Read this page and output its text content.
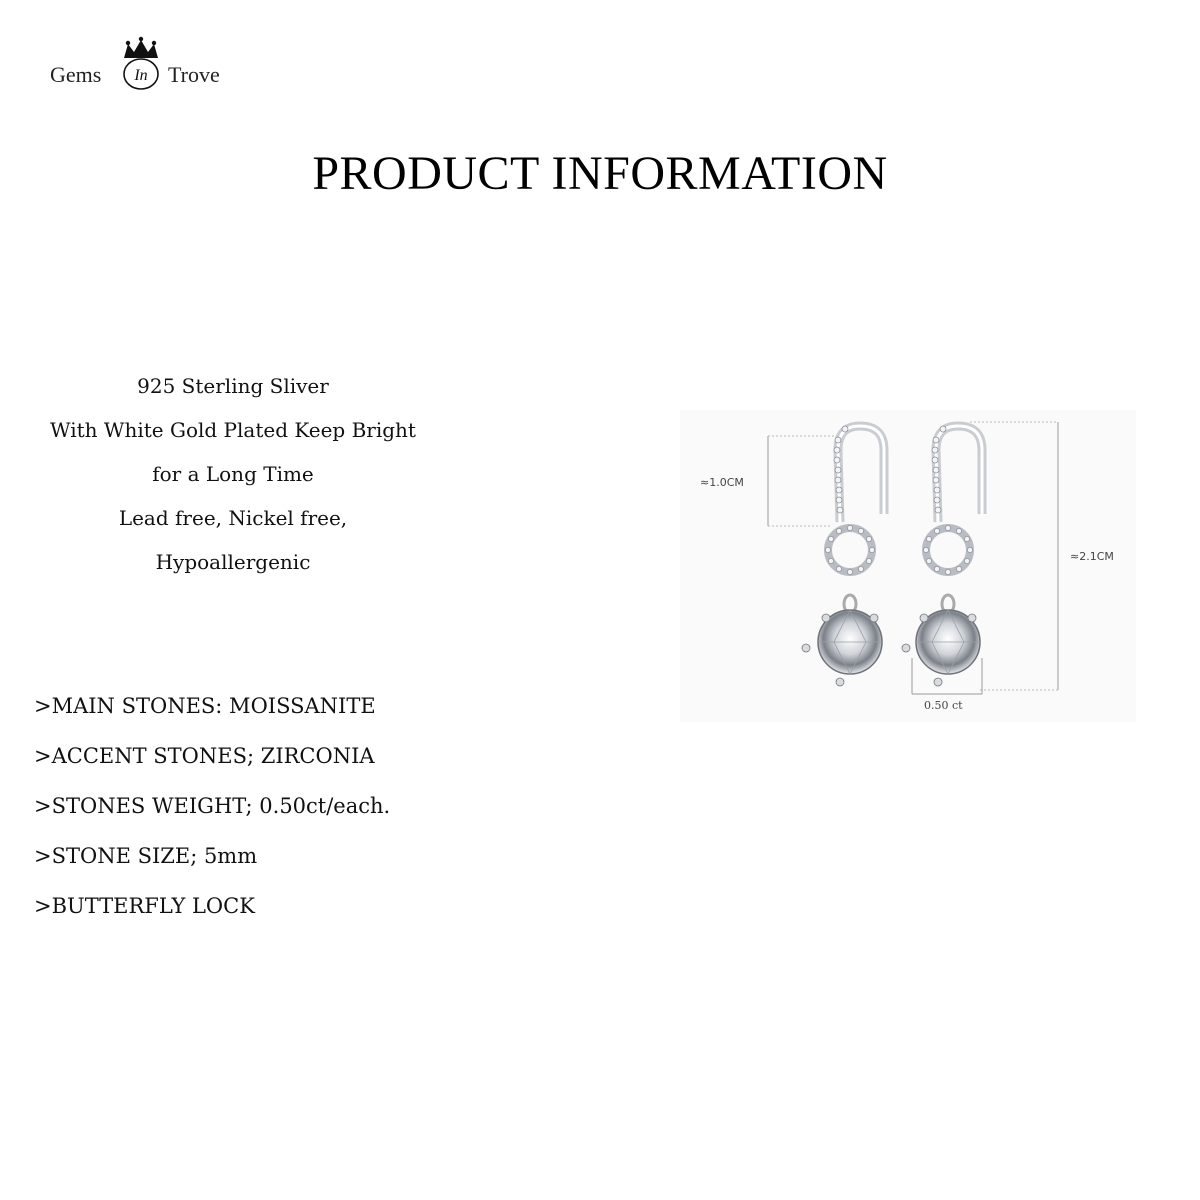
Gems In Trove
PRODUCT INFORMATION
925 Sterling Sliver
With White Gold Plated Keep Bright
for a Long Time
Lead free, Nickel free,
Hypoallergenic
>MAIN STONES: MOISSANITE
>ACCENT STONES; ZIRCONIA
>STONES WEIGHT; 0.50ct/each.
>STONE SIZE; 5mm
>BUTTERFLY LOCK
≈1.0CM
≈2.1CM
0.50 ct
